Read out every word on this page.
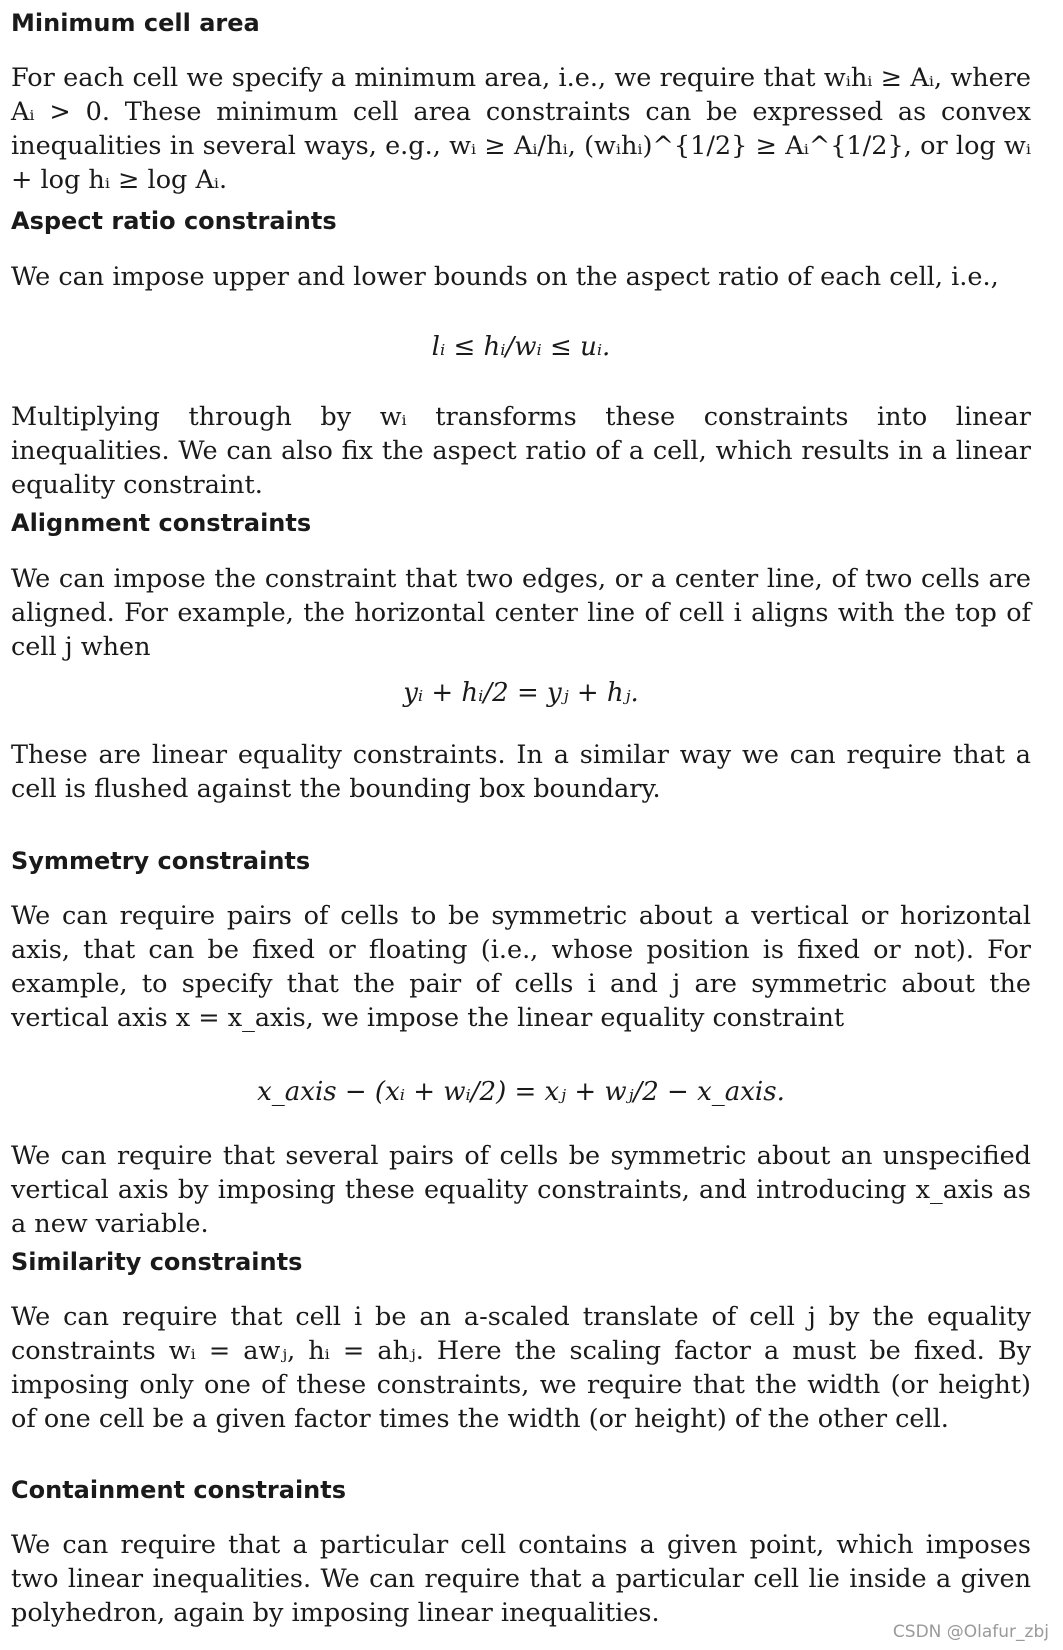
Minimum cell area

For each cell we specify a minimum area, i.e., we require that wᵢhᵢ ≥ Aᵢ, where Aᵢ > 0. These minimum cell area constraints can be expressed as convex inequalities in several ways, e.g., wᵢ ≥ Aᵢ/hᵢ, (wᵢhᵢ)^{1/2} ≥ Aᵢ^{1/2}, or log wᵢ + log hᵢ ≥ log Aᵢ.

Aspect ratio constraints

We can impose upper and lower bounds on the aspect ratio of each cell, i.e.,

lᵢ ≤ hᵢ/wᵢ ≤ uᵢ.

Multiplying through by wᵢ transforms these constraints into linear inequalities. We can also fix the aspect ratio of a cell, which results in a linear equality constraint.

Alignment constraints

We can impose the constraint that two edges, or a center line, of two cells are aligned. For example, the horizontal center line of cell i aligns with the top of cell j when

yᵢ + hᵢ/2 = yⱼ + hⱼ.

These are linear equality constraints. In a similar way we can require that a cell is flushed against the bounding box boundary.

Symmetry constraints

We can require pairs of cells to be symmetric about a vertical or horizontal axis, that can be fixed or floating (i.e., whose position is fixed or not). For example, to specify that the pair of cells i and j are symmetric about the vertical axis x = x_axis, we impose the linear equality constraint

x_axis − (xᵢ + wᵢ/2) = xⱼ + wⱼ/2 − x_axis.

We can require that several pairs of cells be symmetric about an unspecified vertical axis by imposing these equality constraints, and introducing x_axis as a new variable.

Similarity constraints

We can require that cell i be an a-scaled translate of cell j by the equality constraints wᵢ = awⱼ, hᵢ = ahⱼ. Here the scaling factor a must be fixed. By imposing only one of these constraints, we require that the width (or height) of one cell be a given factor times the width (or height) of the other cell.

Containment constraints

We can require that a particular cell contains a given point, which imposes two linear inequalities. We can require that a particular cell lie inside a given polyhedron, again by imposing linear inequalities.

CSDN @Olafur_zbj
